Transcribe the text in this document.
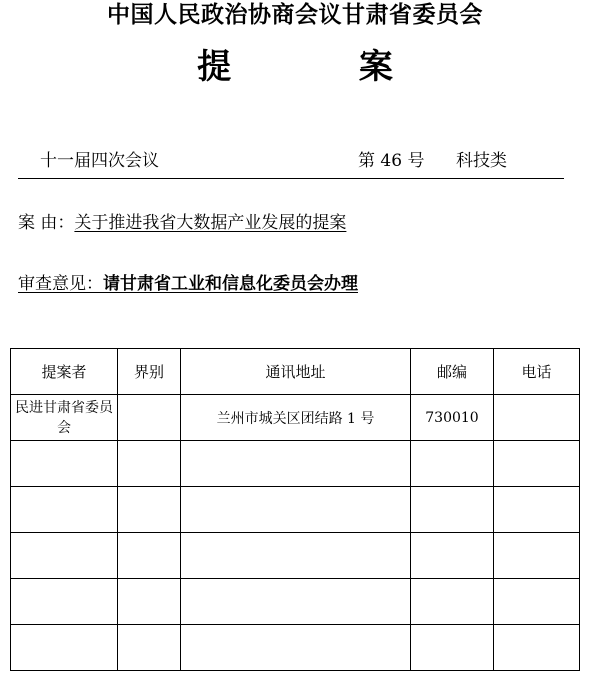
中国人民政治协商会议甘肃省委员会
提 案
十一届四次会议	第 46 号 科技类
案 由：关于推进我省大数据产业发展的提案
审查意见：请甘肃省工业和信息化委员会办理
提案者	界别	通讯地址	邮编	电话
民进甘肃省委员会		兰州市城关区团结路 1 号	730010	
